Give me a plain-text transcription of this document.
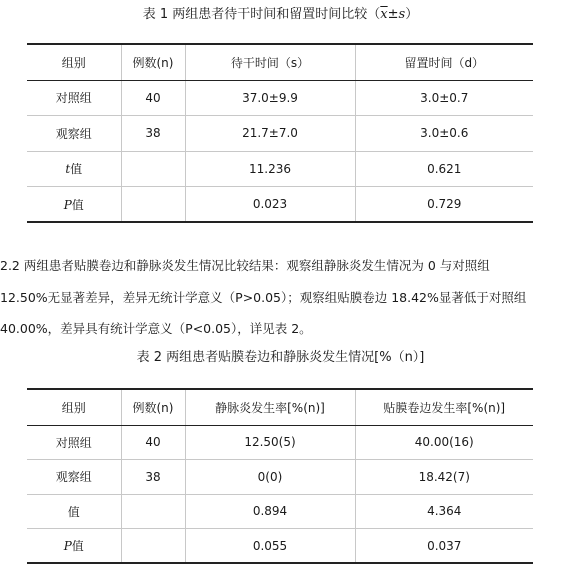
表 1 两组患者待干时间和留置时间比较$(\overline{x}\pm s)$
组别	例数(n)	待干时间（s）	留置时间（d）
对照组	40	37.0±9.9	3.0±0.7
观察组	38	21.7±7.0	3.0±0.6
t值		11.236	0.621
P值		0.023	0.729
2.2 两组患者贴膜卷边和静脉炎发生情况比较结果：观察组静脉炎发生情况为 0 与对照组
12.50%无显著差异，差异无统计学意义（P>0.05）；观察组贴膜卷边 18.42%显著低于对照组
40.00%，差异具有统计学意义（P<0.05），详见表 2。
表 2 两组患者贴膜卷边和静脉炎发生情况[%（n）]
组别	例数(n)	静脉炎发生率[%(n)]	贴膜卷边发生率[%(n)]
对照组	40	12.50(5)	40.00(16)
观察组	38	0(0)	18.42(7)
值		0.894	4.364
P值		0.055	0.037
